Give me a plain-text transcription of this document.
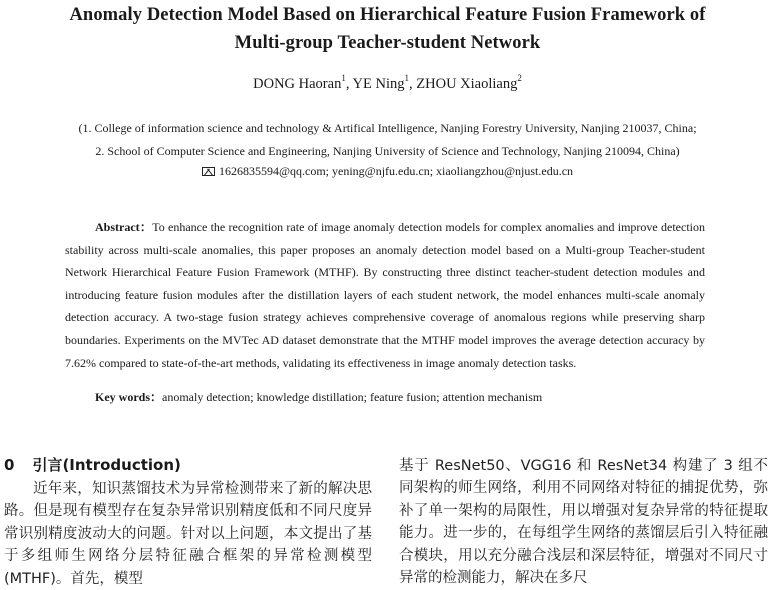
Anomaly Detection Model Based on Hierarchical Feature Fusion Framework of
Multi-group Teacher-student Network
DONG Haoran$^1$, YE Ning$^1$, ZHOU Xiaoliang$^2$
(1. College of information science and technology & Artifical Intelligence, Nanjing Forestry University, Nanjing 210037, China;
2. School of Computer Science and Engineering, Nanjing University of Science and Technology, Nanjing 210094, China)
1626835594@qq.com; yening@njfu.edu.cn; xiaoliangzhou@njust.edu.cn
Abstract：To enhance the recognition rate of image anomaly detection models for complex anomalies and improve detection stability across multi-scale anomalies, this paper proposes an anomaly detection model based on a Multi-group Teacher-student Network Hierarchical Feature Fusion Framework (MTHF). By constructing three distinct teacher-student detection modules and introducing feature fusion modules after the distillation layers of each student network, the model enhances multi-scale anomaly detection accuracy. A two-stage fusion strategy achieves comprehensive coverage of anomalous regions while preserving sharp boundaries. Experiments on the MVTec AD dataset demonstrate that the MTHF model improves the average detection accuracy by 7.62% compared to state-of-the-art methods, validating its effectiveness in image anomaly detection tasks.
Key words：anomaly detection; knowledge distillation; feature fusion; attention mechanism
0 引言(Introduction)
近年来，知识蒸馏技术为异常检测带来了新的解决思路。但是现有模型存在复杂异常识别精度低和不同尺度异常识别精度波动大的问题。针对以上问题，本文提出了基于多组师生网络分层特征融合框架的异常检测模型(MTHF)。首先，模型
基于 ResNet50、VGG16 和 ResNet34 构建了 3 组不同架构的师生网络，利用不同网络对特征的捕捉优势，弥补了单一架构的局限性，用以增强对复杂异常的特征提取能力。进一步的，在每组学生网络的蒸馏层后引入特征融合模块，用以充分融合浅层和深层特征，增强对不同尺寸异常的检测能力，解决在多尺
